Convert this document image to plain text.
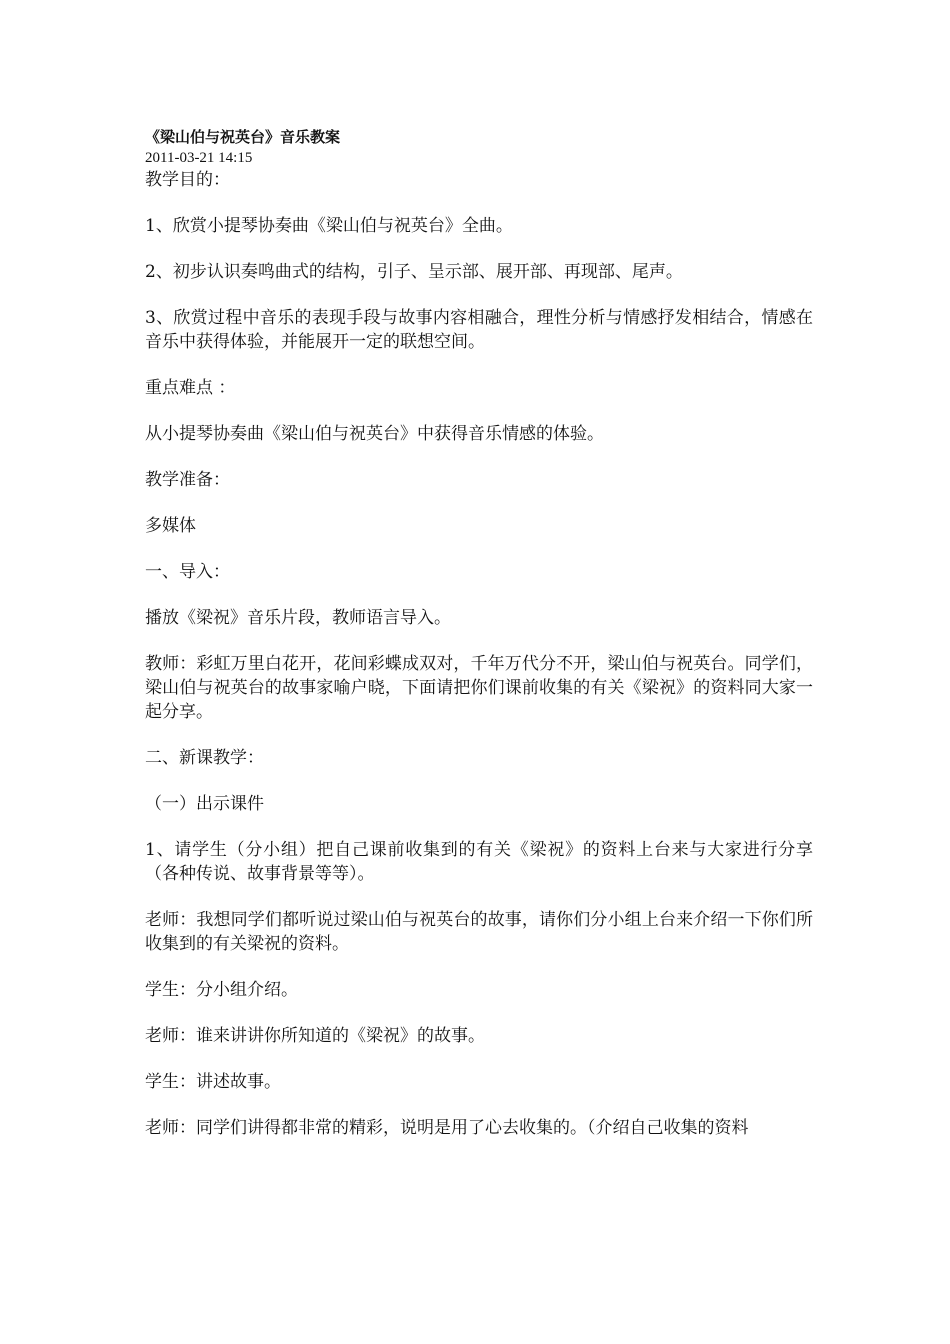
《梁山伯与祝英台》音乐教案

2011-03-21 14:15

教学目的：

1、欣赏小提琴协奏曲《梁山伯与祝英台》全曲。

2、初步认识奏鸣曲式的结构，引子、呈示部、展开部、再现部、尾声。

3、欣赏过程中音乐的表现手段与故事内容相融合，理性分析与情感抒发相结合，情感在音乐中获得体验，并能展开一定的联想空间。

重点难点 ：

从小提琴协奏曲《梁山伯与祝英台》中获得音乐情感的体验。

教学准备：

多媒体

一、导入：

播放《梁祝》音乐片段，教师语言导入。

教师：彩虹万里白花开，花间彩蝶成双对，千年万代分不开，梁山伯与祝英台。同学们，梁山伯与祝英台的故事家喻户晓，下面请把你们课前收集的有关《梁祝》的资料同大家一起分享。

二、新课教学：

（一）出示课件

1、请学生（分小组）把自己课前收集到的有关《梁祝》的资料上台来与大家进行分享（各种传说、故事背景等等）。

老师：我想同学们都听说过梁山伯与祝英台的故事，请你们分小组上台来介绍一下你们所收集到的有关梁祝的资料。

学生：分小组介绍。

老师：谁来讲讲你所知道的《梁祝》的故事。

学生：讲述故事。

老师：同学们讲得都非常的精彩，说明是用了心去收集的。（介绍自己收集的资料
